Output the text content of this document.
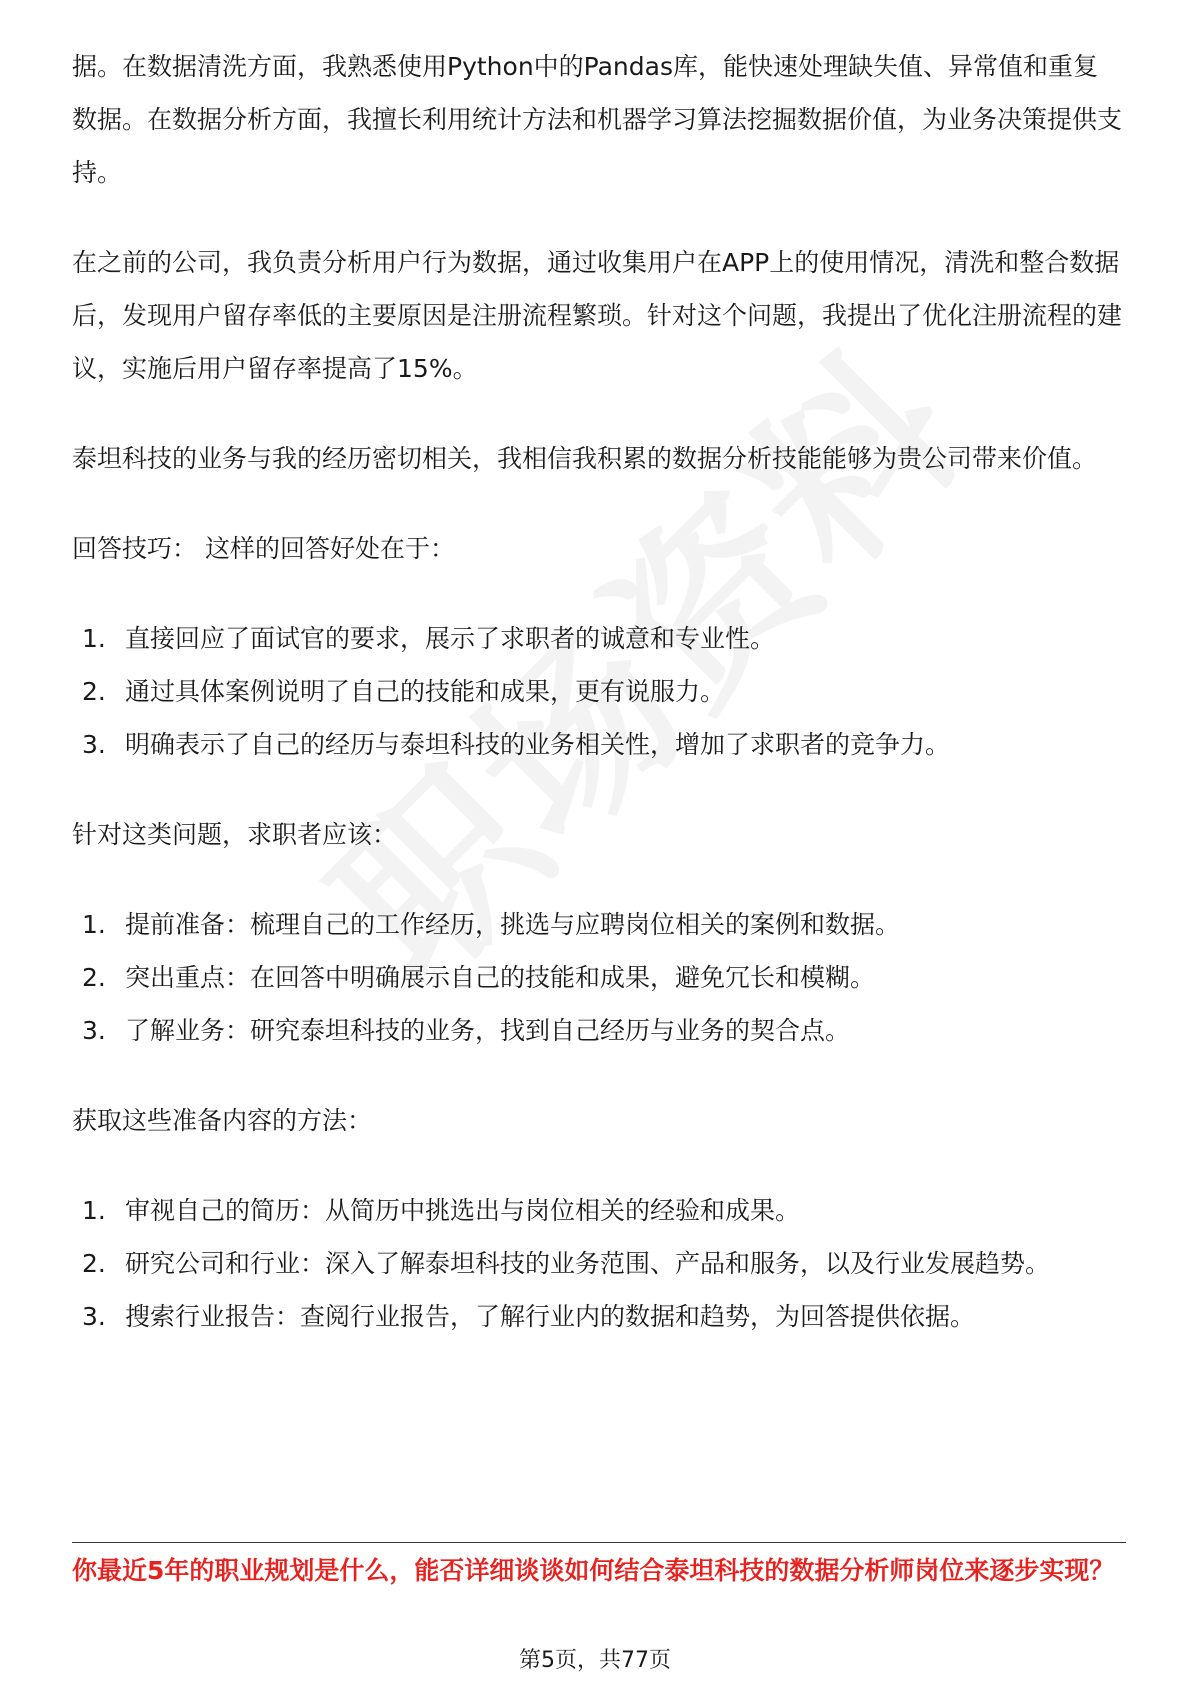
据。在数据清洗方面，我熟悉使用Python中的Pandas库，能快速处理缺失值、异常值和重复数据。在数据分析方面，我擅长利用统计方法和机器学习算法挖掘数据价值，为业务决策提供支持。

在之前的公司，我负责分析用户行为数据，通过收集用户在APP上的使用情况，清洗和整合数据后，发现用户留存率低的主要原因是注册流程繁琐。针对这个问题，我提出了优化注册流程的建议，实施后用户留存率提高了15%。

泰坦科技的业务与我的经历密切相关，我相信我积累的数据分析技能能够为贵公司带来价值。

回答技巧： 这样的回答好处在于：

1. 直接回应了面试官的要求，展示了求职者的诚意和专业性。
2. 通过具体案例说明了自己的技能和成果，更有说服力。
3. 明确表示了自己的经历与泰坦科技的业务相关性，增加了求职者的竞争力。

针对这类问题，求职者应该：

1. 提前准备：梳理自己的工作经历，挑选与应聘岗位相关的案例和数据。
2. 突出重点：在回答中明确展示自己的技能和成果，避免冗长和模糊。
3. 了解业务：研究泰坦科技的业务，找到自己经历与业务的契合点。

获取这些准备内容的方法：

1. 审视自己的简历：从简历中挑选出与岗位相关的经验和成果。
2. 研究公司和行业：深入了解泰坦科技的业务范围、产品和服务，以及行业发展趋势。
3. 搜索行业报告：查阅行业报告，了解行业内的数据和趋势，为回答提供依据。
你最近5年的职业规划是什么，能否详细谈谈如何结合泰坦科技的数据分析师岗位来逐步实现？
第5页，共77页
